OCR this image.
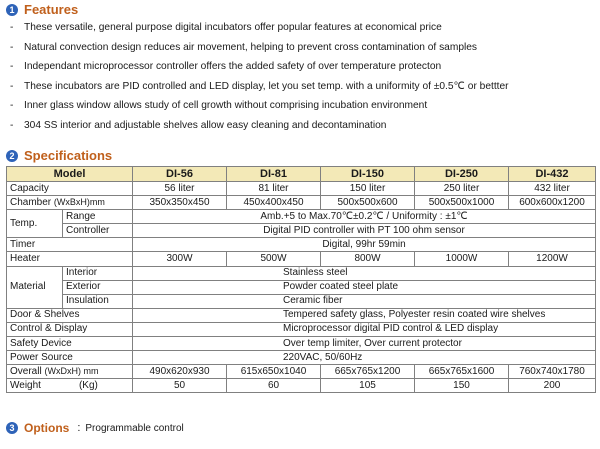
1 Features
- These versatile, general purpose digital incubators offer popular features at economical price
- Natural convection design reduces air movement, helping to prevent cross contamination of samples
- Independant microprocessor controller offers the added safety of over temperature protecton
- These incubators are PID controlled and LED display, let you set temp. with a uniformity of ±0.5℃ or bettter
- Inner glass window allows study of cell growth without comprising incubation environment
- 304 SS interior and adjustable shelves allow easy cleaning and decontamination
2 Specifications
Model		DI-56	DI-81	DI-150	DI-250	DI-432
Capacity		56 liter	81 liter	150 liter	250 liter	432 liter
Chamber (WxBxH)mm		350x350x450	450x400x450	500x500x600	500x500x1000	600x600x1200
Temp.	Range	Amb.+5 to Max.70℃±0.2℃ / Uniformity : ±1℃				
	Controller	Digital PID controller with PT 100 ohm sensor				
Timer		Digital, 99hr 59min				
Heater		300W	500W	800W	1000W	1200W
Material	Interior	Stainless steel				
	Exterior	Powder coated steel plate				
	Insulation	Ceramic fiber				
Door & Shelves		Tempered safety glass, Polyester resin coated wire shelves				
Control & Display		Microprocessor digital PID control & LED display				
Safety Device		Over temp limiter, Over current protector				
Power Source		220VAC, 50/60Hz				
Overall (WxDxH) mm		490x620x930	615x650x1040	665x765x1200	665x765x1600	760x740x1780
Weight (Kg)		50	60	105	150	200
3 Options : Programmable control
